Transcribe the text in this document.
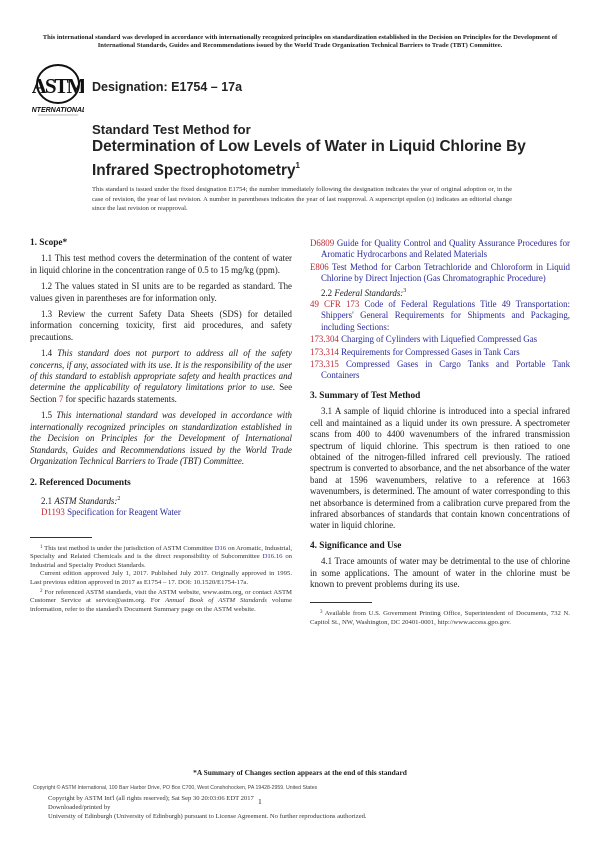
This international standard was developed in accordance with internationally recognized principles on standardization established in the Decision on Principles for the Development of International Standards, Guides and Recommendations issued by the World Trade Organization Technical Barriers to Trade (TBT) Committee.
ASTM
INTERNATIONAL
Designation: E1754 – 17a
Standard Test Method for
Determination of Low Levels of Water in Liquid Chlorine By Infrared Spectrophotometry$^1$
This standard is issued under the fixed designation E1754; the number immediately following the designation indicates the year of original adoption or, in the case of revision, the year of last revision. A number in parentheses indicates the year of last reapproval. A superscript epsilon (ε) indicates an editorial change since the last revision or reapproval.
1. Scope*

1.1 This test method covers the determination of the content of water in liquid chlorine in the concentration range of 0.5 to 15 mg/kg (ppm).

1.2 The values stated in SI units are to be regarded as standard. The values given in parentheses are for information only.

1.3 Review the current Safety Data Sheets (SDS) for detailed information concerning toxicity, first aid procedures, and safety precautions.

1.4 This standard does not purport to address all of the safety concerns, if any, associated with its use. It is the responsibility of the user of this standard to establish appropriate safety and health practices and determine the applicability of regulatory limitations prior to use. See Section 7 for specific hazards statements.

1.5 This international standard was developed in accordance with internationally recognized principles on standardization established in the Decision on Principles for the Development of International Standards, Guides and Recommendations issued by the World Trade Organization Technical Barriers to Trade (TBT) Committee.

2. Referenced Documents

2.1 ASTM Standards:$^2$

D1193 Specification for Reagent Water

$^1$ This test method is under the jurisdiction of ASTM Committee D16 on Aromatic, Industrial, Specialty and Related Chemicals and is the direct responsibility of Subcommittee D16.16 on Industrial and Specialty Product Standards.

Current edition approved July 1, 2017. Published July 2017. Originally approved in 1995. Last previous edition approved in 2017 as E1754 – 17. DOI: 10.1520/E1754-17a.

$^2$ For referenced ASTM standards, visit the ASTM website, www.astm.org, or contact ASTM Customer Service at service@astm.org. For Annual Book of ASTM Standards volume information, refer to the standard's Document Summary page on the ASTM website.

D6809 Guide for Quality Control and Quality Assurance Procedures for Aromatic Hydrocarbons and Related Materials
E806 Test Method for Carbon Tetrachloride and Chloroform in Liquid Chlorine by Direct Injection (Gas Chromatographic Procedure)

2.2 Federal Standards:$^3$

49 CFR 173 Code of Federal Regulations Title 49 Transportation: Shippers' General Requirements for Shipments and Packaging, including Sections:
173.304 Charging of Cylinders with Liquefied Compressed Gas
173.314 Requirements for Compressed Gases in Tank Cars
173.315 Compressed Gases in Cargo Tanks and Portable Tank Containers
3. Summary of Test Method

3.1 A sample of liquid chlorine is introduced into a special infrared cell and maintained as a liquid under its own pressure. A spectrometer scans from 400 to 4400 wavenumbers of the infrared transmission spectrum of liquid chlorine. This spectrum is then ratioed to one obtained of the nitrogen-filled infrared cell previously. The ratioed spectrum is converted to absorbance, and the net absorbance of the water band at 1596 wavenumbers, relative to a reference at 1663 wavenumbers, is determined. The amount of water corresponding to this net absorbance is determined from a calibration curve prepared from the infrared absorbances of standards that contain known concentrations of water in liquid chlorine.

4. Significance and Use

4.1 Trace amounts of water may be detrimental to the use of chlorine in some applications. The amount of water in the chlorine must be known to prevent problems during its use.

$^3$ Available from U.S. Government Printing Office, Superintendent of Documents, 732 N. Capitol St., NW, Washington, DC 20401-0001, http://www.access.gpo.gov.

*A Summary of Changes section appears at the end of this standard
Copyright © ASTM International, 100 Barr Harbor Drive, PO Box C700, West Conshohocken, PA 19428-2959. United States
Copyright by ASTM Int'l (all rights reserved); Sat Sep 30 20:03:06 EDT 2017
Downloaded/printed by
University of Edinburgh (University of Edinburgh) pursuant to License Agreement. No further reproductions authorized.
1
